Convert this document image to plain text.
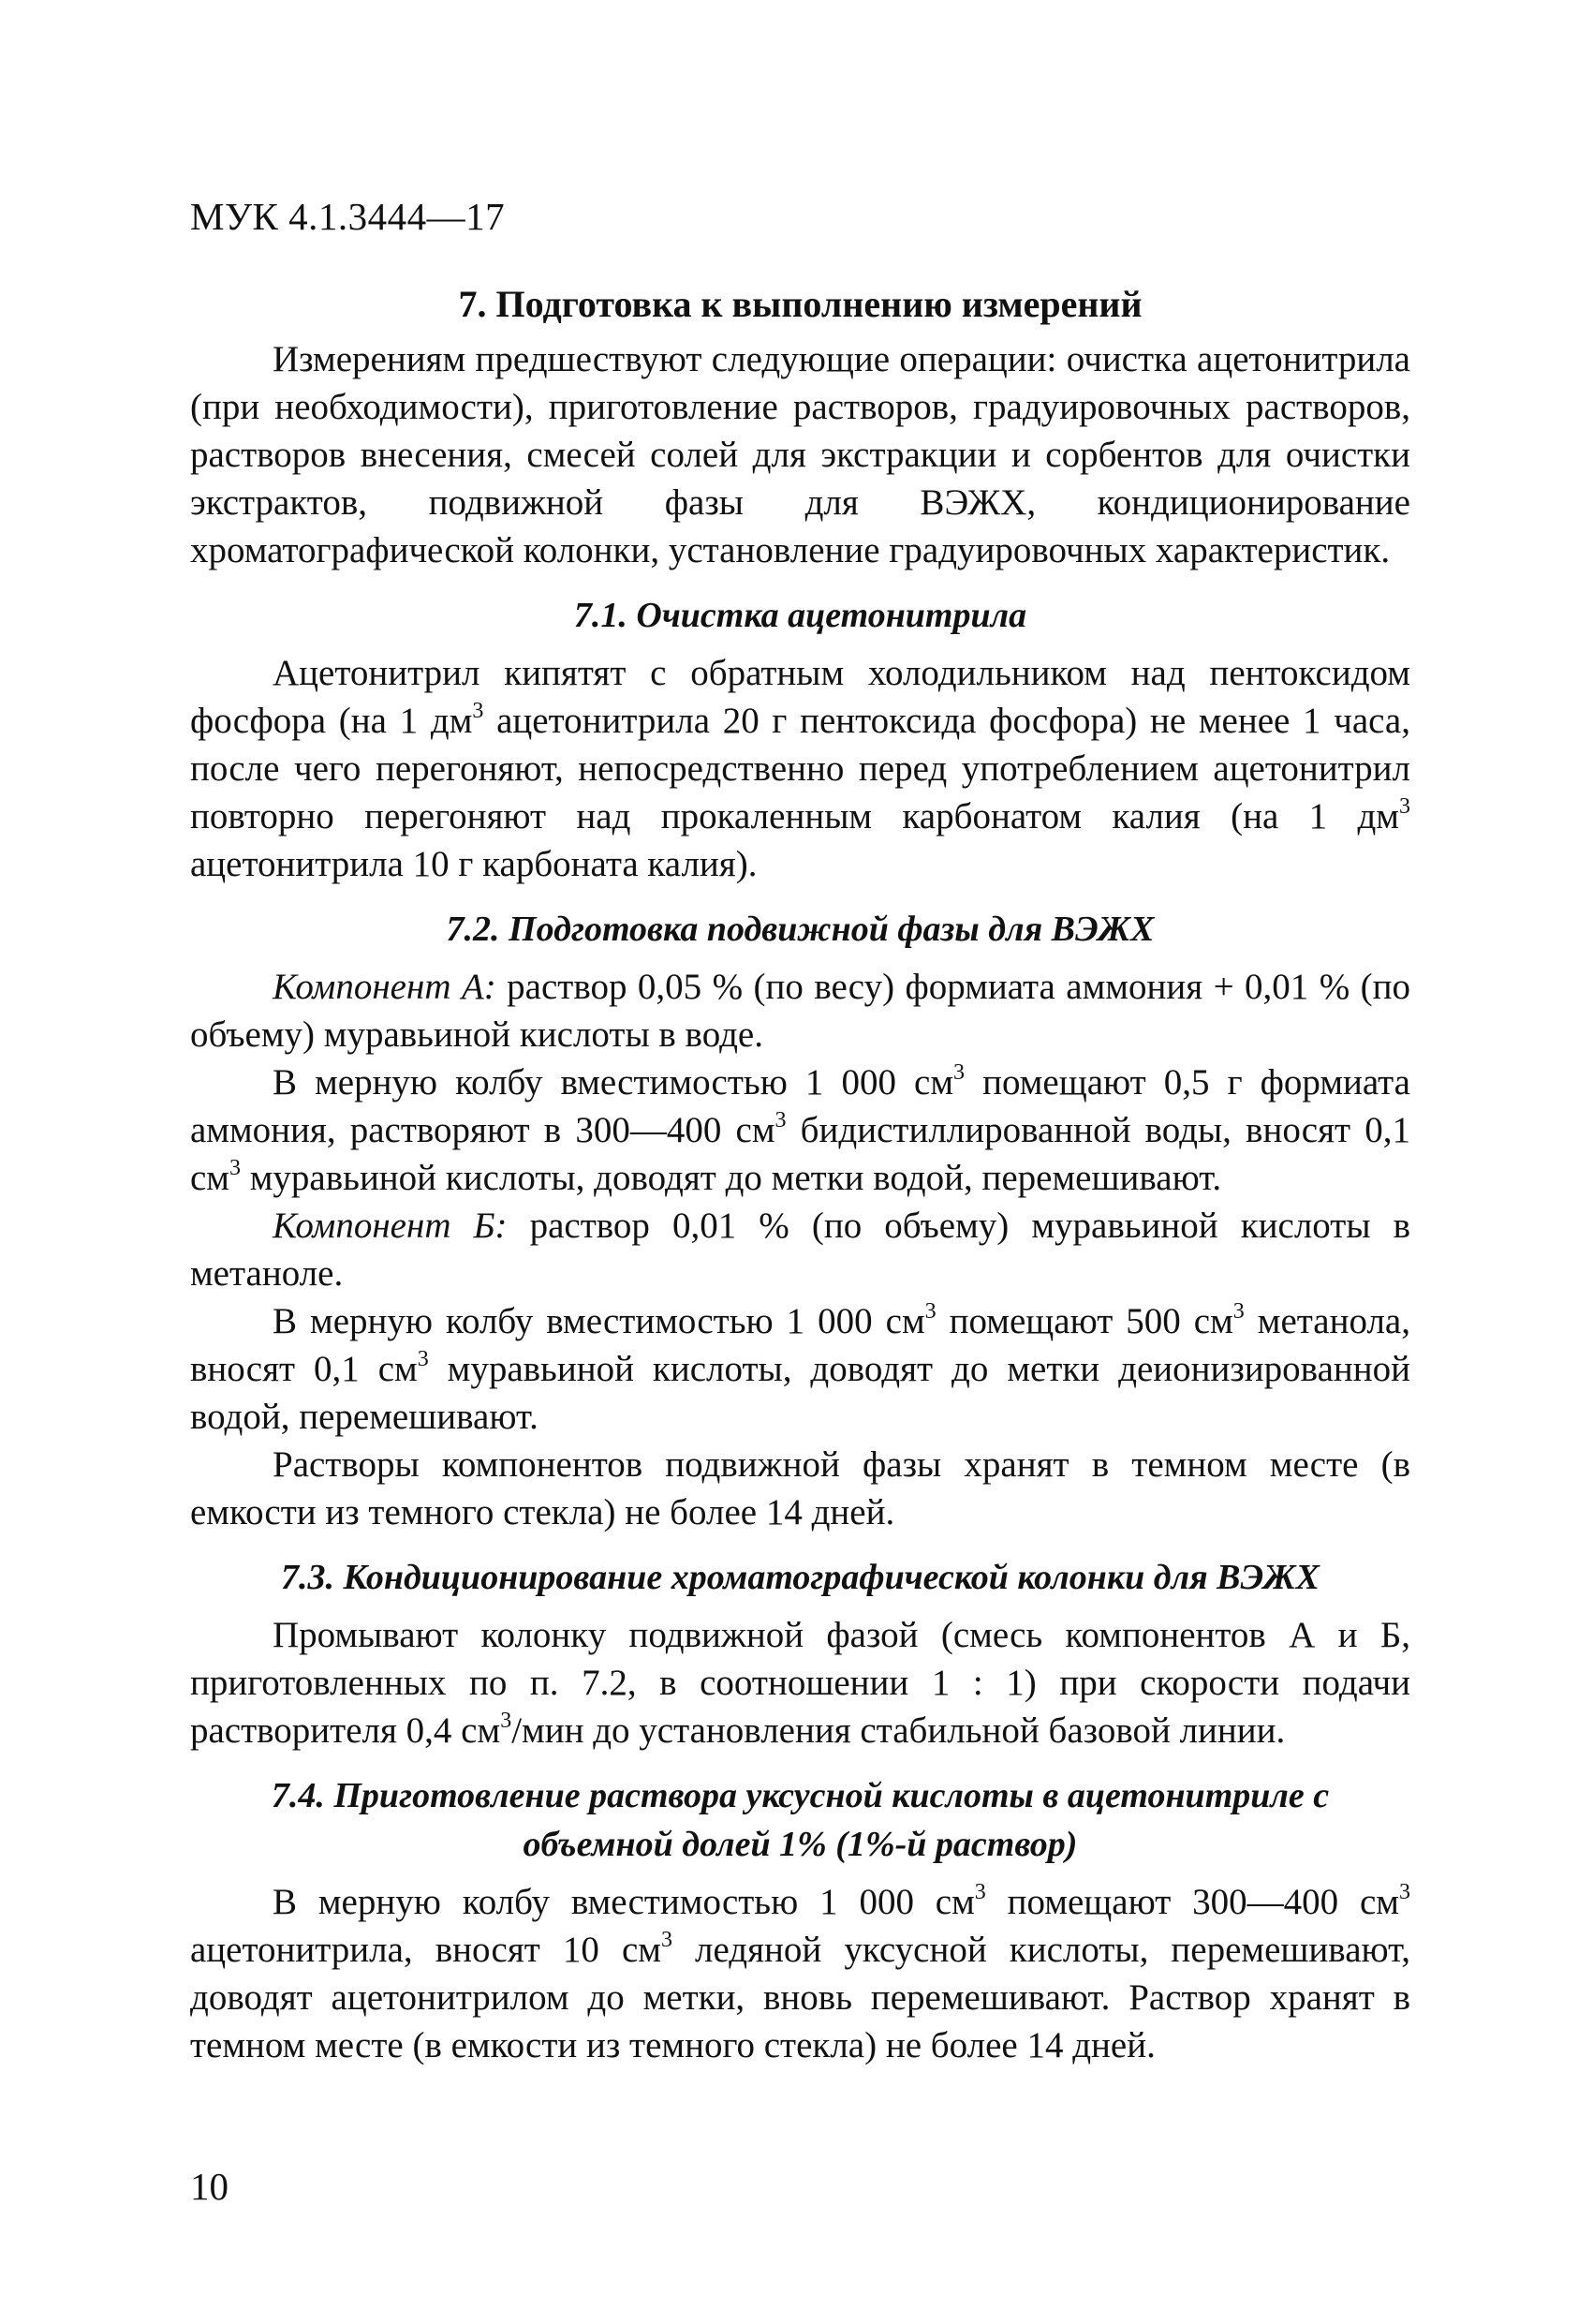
МУК 4.1.3444—17
7. Подготовка к выполнению измерений

Измерениям предшествуют следующие операции: очистка ацетонитрила (при необходимости), приготовление растворов, градуировочных растворов, растворов внесения, смесей солей для экстракции и сорбентов для очистки экстрактов, подвижной фазы для ВЭЖХ, кондиционирование хроматографической колонки, установление градуировочных характеристик.

7.1. Очистка ацетонитрила

Ацетонитрил кипятят с обратным холодильником над пентоксидом фосфора (на 1 $дм^3$ ацетонитрила 20 г пентоксида фосфора) не менее 1 часа, после чего перегоняют, непосредственно перед употреблением ацетонитрил повторно перегоняют над прокаленным карбонатом калия (на 1 $дм^3$ ацетонитрила 10 г карбоната калия).

7.2. Подготовка подвижной фазы для ВЭЖХ

Компонент А: раствор 0,05 % (по весу) формиата аммония + 0,01 % (по объему) муравьиной кислоты в воде.

В мерную колбу вместимостью 1 000 $см^3$ помещают 0,5 г формиата аммония, растворяют в 300—400 $см^3$ бидистиллированной воды, вносят 0,1 $см^3$ муравьиной кислоты, доводят до метки водой, перемешивают.

Компонент Б: раствор 0,01 % (по объему) муравьиной кислоты в метаноле.

В мерную колбу вместимостью 1 000 $см^3$ помещают 500 $см^3$ метанола, вносят 0,1 $см^3$ муравьиной кислоты, доводят до метки деионизированной водой, перемешивают.

Растворы компонентов подвижной фазы хранят в темном месте (в емкости из темного стекла) не более 14 дней.

7.3. Кондиционирование хроматографической колонки для ВЭЖХ

Промывают колонку подвижной фазой (смесь компонентов А и Б, приготовленных по п. 7.2, в соотношении 1 : 1) при скорости подачи растворителя 0,4 $см^3$/мин до установления стабильной базовой линии.

7.4. Приготовление раствора уксусной кислоты в ацетонитриле с
объемной долей 1% (1%-й раствор)

В мерную колбу вместимостью 1 000 $см^3$ помещают 300—400 $см^3$ ацетонитрила, вносят 10 $см^3$ ледяной уксусной кислоты, перемешивают, доводят ацетонитрилом до метки, вновь перемешивают. Раствор хранят в темном месте (в емкости из темного стекла) не более 14 дней.

10
